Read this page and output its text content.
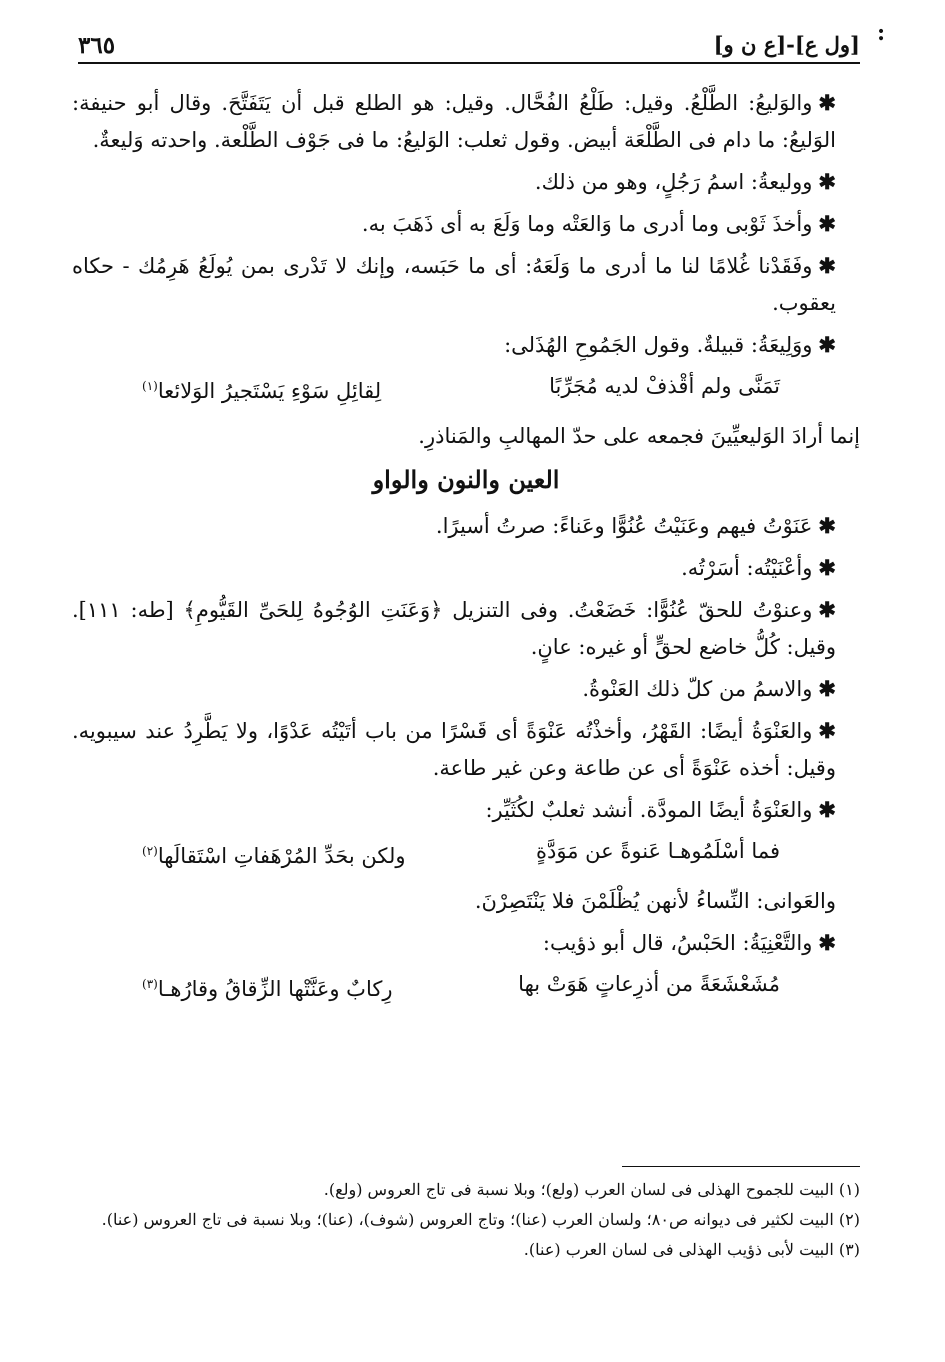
:
[ول ع]-[ع ن و]
٣٦٥

✱والوَليعُ: الطَّلْعُ. وقيل: طَلْعُ الفُحَّال. وقيل: هو الطلع قبل أن يَتَفَتَّحَ. وقال أبو حنيفة: الوَليعُ: ما دام فى الطَّلْعَة أبيض. وقول ثعلب: الوَليعُ: ما فى جَوْف الطَّلْعة. واحدته وَليعةٌ.

✱ووليعةُ: اسمُ رَجُلٍ، وهو من ذلك.

✱وأخذَ ثَوْبى وما أدرى ما وَالعَتْه وما وَلَعَ به أى ذَهَبَ به.

✱وفَقَدْنا غُلامًا لنا ما أدرى ما وَلَعَهُ: أى ما حَبَسه، وإنك لا تَدْرى بمن يُولَعُ هَرِمُك - حكاه يعقوب.

✱ووَلِيعَةُ: قبيلةٌ. وقول الجَمُوحِ الهُذَلى:

تَمَنَّى ولم أقْذفْ لديه مُجَرِّبًا
لِقائِلِ سَوْءِ يَسْتَجيرُ الوَلائعا$^{(١)}$

إنما أرادَ الوَليعيِّينَ فجمعه على حدّ المهالبِ والمَناذرِ.

العين والنون والواو

✱عَنَوْتُ فيهم وعَنَيْتُ عُنُوًّا وعَناءً: صرتُ أسيرًا.

✱وأعْنَيْتُه: أسَرْتُه.

✱وعنوْتُ للحقّ عُنُوًّا: خَضَعْتُ. وفى التنزيل ﴿وَعَنَتِ الوُجُوهُ لِلحَىِّ القَيُّومِ﴾ [طه: ١١١]. وقيل: كُلُّ خاضع لحقٍّ أو غيره: عانٍ.

✱والاسمُ من كلّ ذلك العَنْوةُ.

✱والعَنْوَةُ أيضًا: القَهْرُ، وأخذْتُه عَنْوَةً أى قَسْرًا من باب أتَيْتُه عَدْوًا، ولا يَطَّرِدُ عند سيبويه. وقيل: أخذه عَنْوَةً أى عن طاعة وعن غير طاعة.

✱والعَنْوَةُ أيضًا المودَّة. أنشد ثعلبٌ لكُثَيِّر:

فما أسْلَمُوهـا عَنوةً عن مَوَدَّةٍ
ولكن بحَدِّ المُرْهَفاتِ اسْتَقالَها$^{(٢)}$

والعَوانى: النِّساءُ لأنهن يُظْلَمْنَ فلا يَنْتَصِرْنَ.

✱والتَّعْنِيَةُ: الحَبْسُ، قال أبو ذؤيب:

مُشَعْشَعَةً من أذرِعاتٍ هَوَتْ بها
رِكابٌ وعَنَّتْها الزِّقاقُ وقارُهـا$^{(٣)}$

(١) البيت للجموح الهذلى فى لسان العرب (ولع)؛ وبلا نسبة فى تاج العروس (ولع).

(٢) البيت لكثير فى ديوانه ص٨٠؛ ولسان العرب (عنا)؛ وتاج العروس (شوف)، (عنا)؛ وبلا نسبة فى تاج العروس (عنا).

(٣) البيت لأبى ذؤيب الهذلى فى لسان العرب (عنا).
